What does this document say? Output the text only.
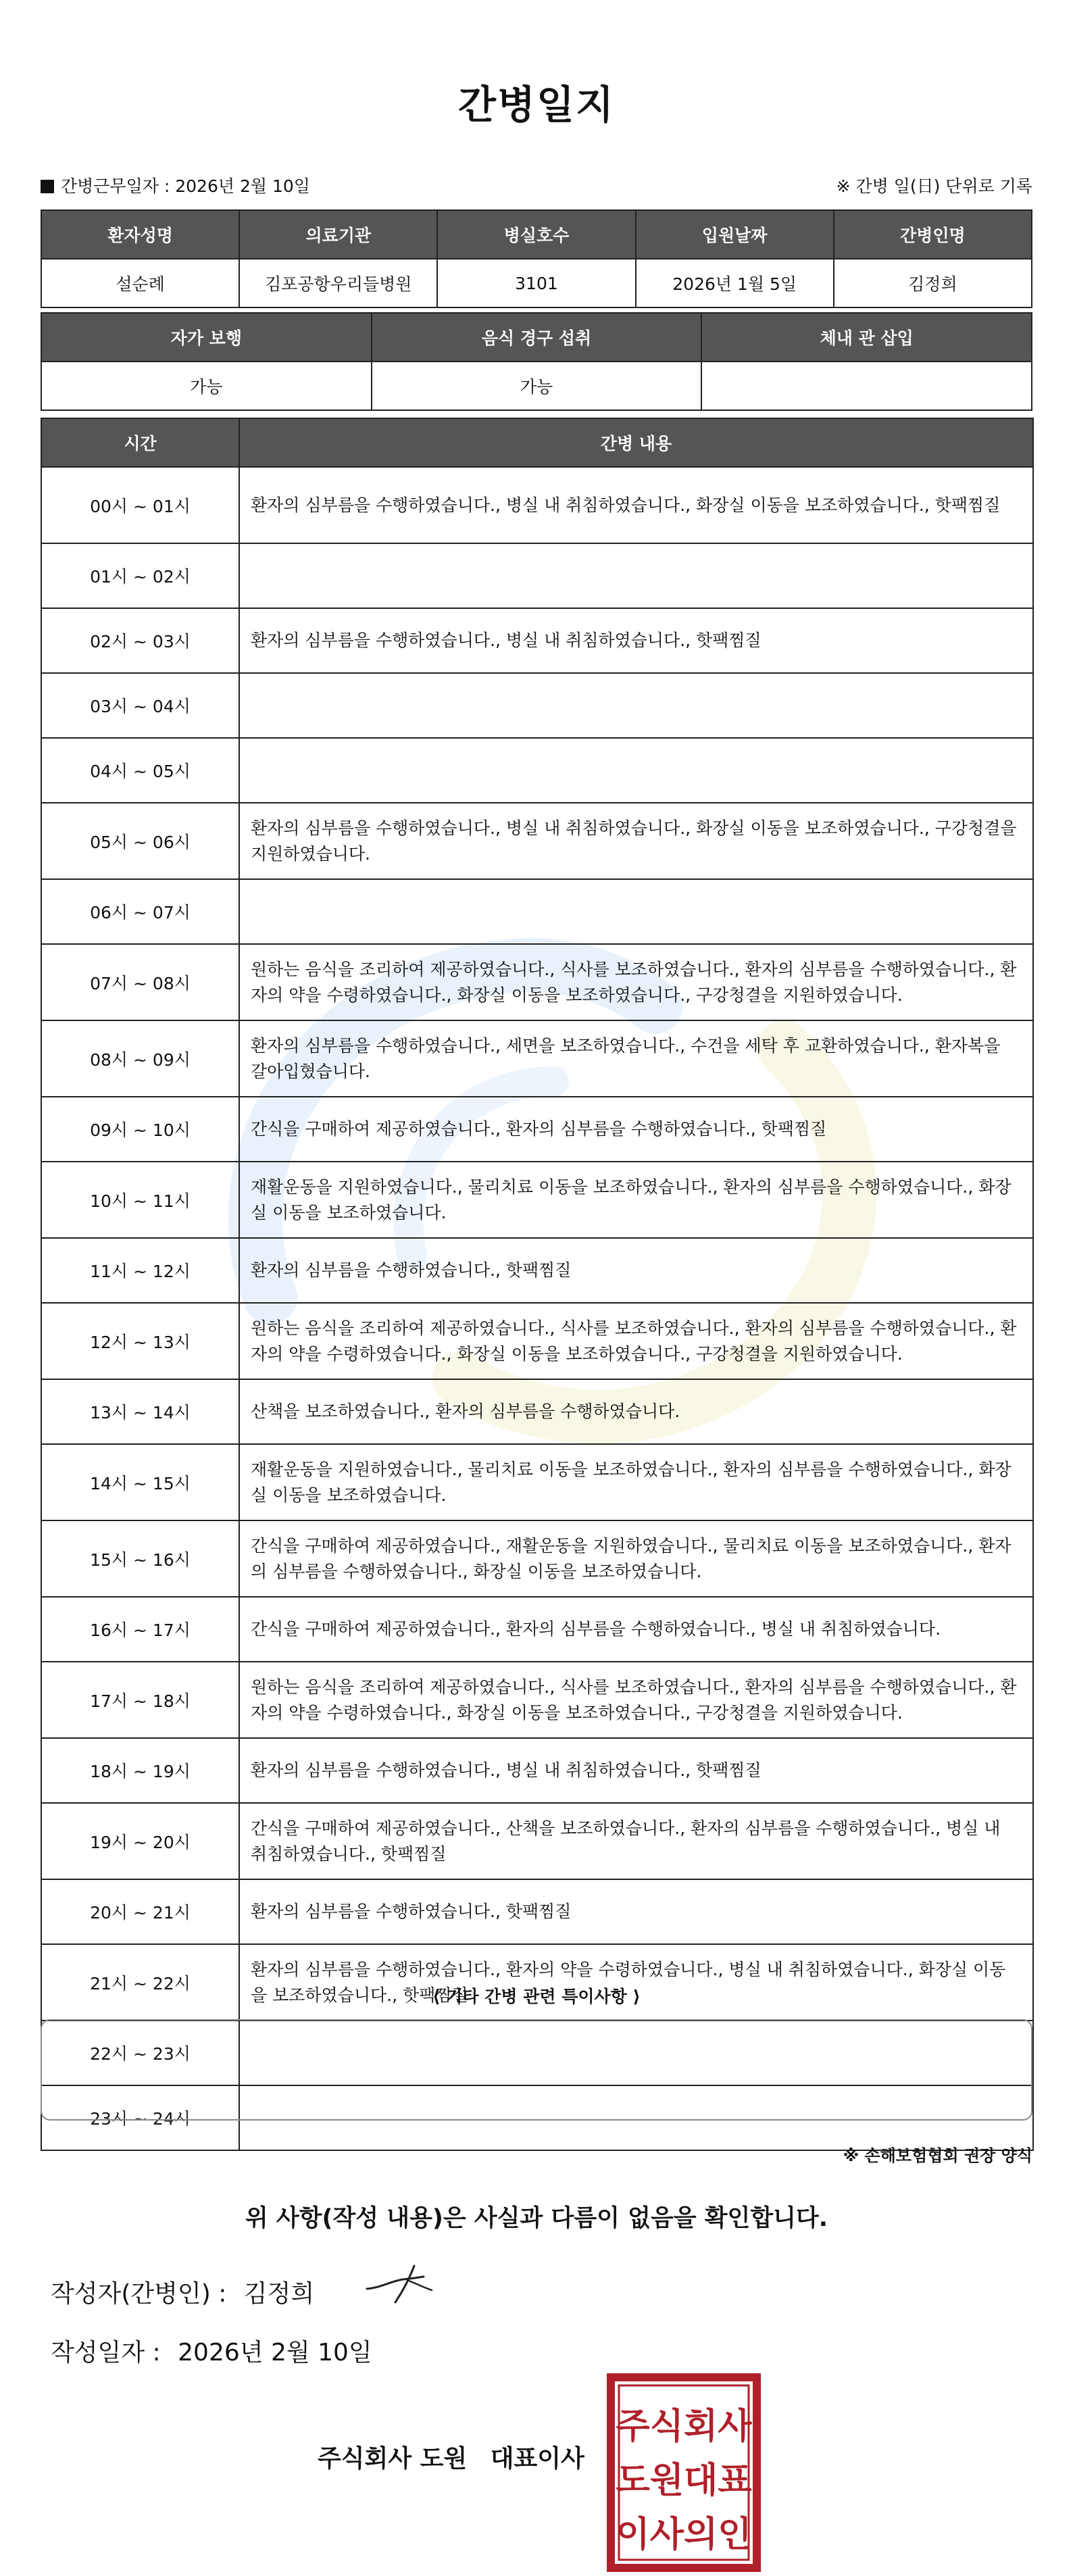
간병일지
간병근무일자 : 2026년 2월 10일	※ 간병 일(日) 단위로 기록
환자성명	의료기관	병실호수	입원날짜	간병인명
설순례	김포공항우리들병원	3101	2026년 1월 5일	김정희
자가 보행	음식 경구 섭취	체내 관 삽입
가능	가능	
시간	간병 내용
00시 ~ 01시	환자의 심부름을 수행하였습니다., 병실 내 취침하였습니다., 화장실 이동을 보조하였습니다., 핫팩찜질
01시 ~ 02시	
02시 ~ 03시	환자의 심부름을 수행하였습니다., 병실 내 취침하였습니다., 핫팩찜질
03시 ~ 04시	
04시 ~ 05시	
05시 ~ 06시	환자의 심부름을 수행하였습니다., 병실 내 취침하였습니다., 화장실 이동을 보조하였습니다., 구강청결을 지원하였습니다.
06시 ~ 07시	
07시 ~ 08시	원하는 음식을 조리하여 제공하였습니다., 식사를 보조하였습니다., 환자의 심부름을 수행하였습니다., 환자의 약을 수령하였습니다., 화장실 이동을 보조하였습니다., 구강청결을 지원하였습니다.
08시 ~ 09시	환자의 심부름을 수행하였습니다., 세면을 보조하였습니다., 수건을 세탁 후 교환하였습니다., 환자복을 갈아입혔습니다.
09시 ~ 10시	간식을 구매하여 제공하였습니다., 환자의 심부름을 수행하였습니다., 핫팩찜질
10시 ~ 11시	재활운동을 지원하였습니다., 물리치료 이동을 보조하였습니다., 환자의 심부름을 수행하였습니다., 화장실 이동을 보조하였습니다.
11시 ~ 12시	환자의 심부름을 수행하였습니다., 핫팩찜질
12시 ~ 13시	원하는 음식을 조리하여 제공하였습니다., 식사를 보조하였습니다., 환자의 심부름을 수행하였습니다., 환자의 약을 수령하였습니다., 화장실 이동을 보조하였습니다., 구강청결을 지원하였습니다.
13시 ~ 14시	산책을 보조하였습니다., 환자의 심부름을 수행하였습니다.
14시 ~ 15시	재활운동을 지원하였습니다., 물리치료 이동을 보조하였습니다., 환자의 심부름을 수행하였습니다., 화장실 이동을 보조하였습니다.
15시 ~ 16시	간식을 구매하여 제공하였습니다., 재활운동을 지원하였습니다., 물리치료 이동을 보조하였습니다., 환자의 심부름을 수행하였습니다., 화장실 이동을 보조하였습니다.
16시 ~ 17시	간식을 구매하여 제공하였습니다., 환자의 심부름을 수행하였습니다., 병실 내 취침하였습니다.
17시 ~ 18시	원하는 음식을 조리하여 제공하였습니다., 식사를 보조하였습니다., 환자의 심부름을 수행하였습니다., 환자의 약을 수령하였습니다., 화장실 이동을 보조하였습니다., 구강청결을 지원하였습니다.
18시 ~ 19시	환자의 심부름을 수행하였습니다., 병실 내 취침하였습니다., 핫팩찜질
19시 ~ 20시	간식을 구매하여 제공하였습니다., 산책을 보조하였습니다., 환자의 심부름을 수행하였습니다., 병실 내 취침하였습니다., 핫팩찜질
20시 ~ 21시	환자의 심부름을 수행하였습니다., 핫팩찜질
21시 ~ 22시	환자의 심부름을 수행하였습니다., 환자의 약을 수령하였습니다., 병실 내 취침하였습니다., 화장실 이동을 보조하였습니다., 핫팩찜질
22시 ~ 23시	
23시 ~ 24시	
⟨ 기타 간병 관련 특이사항 ⟩
※ 손해보험협회 권장 양식
위 사항(작성 내용)은 사실과 다름이 없음을 확인합니다.
작성자(간병인) : 김정희
작성일자 : 2026년 2월 10일
주식회사 도원 대표이사
주식회사
도원대표
이사의인
